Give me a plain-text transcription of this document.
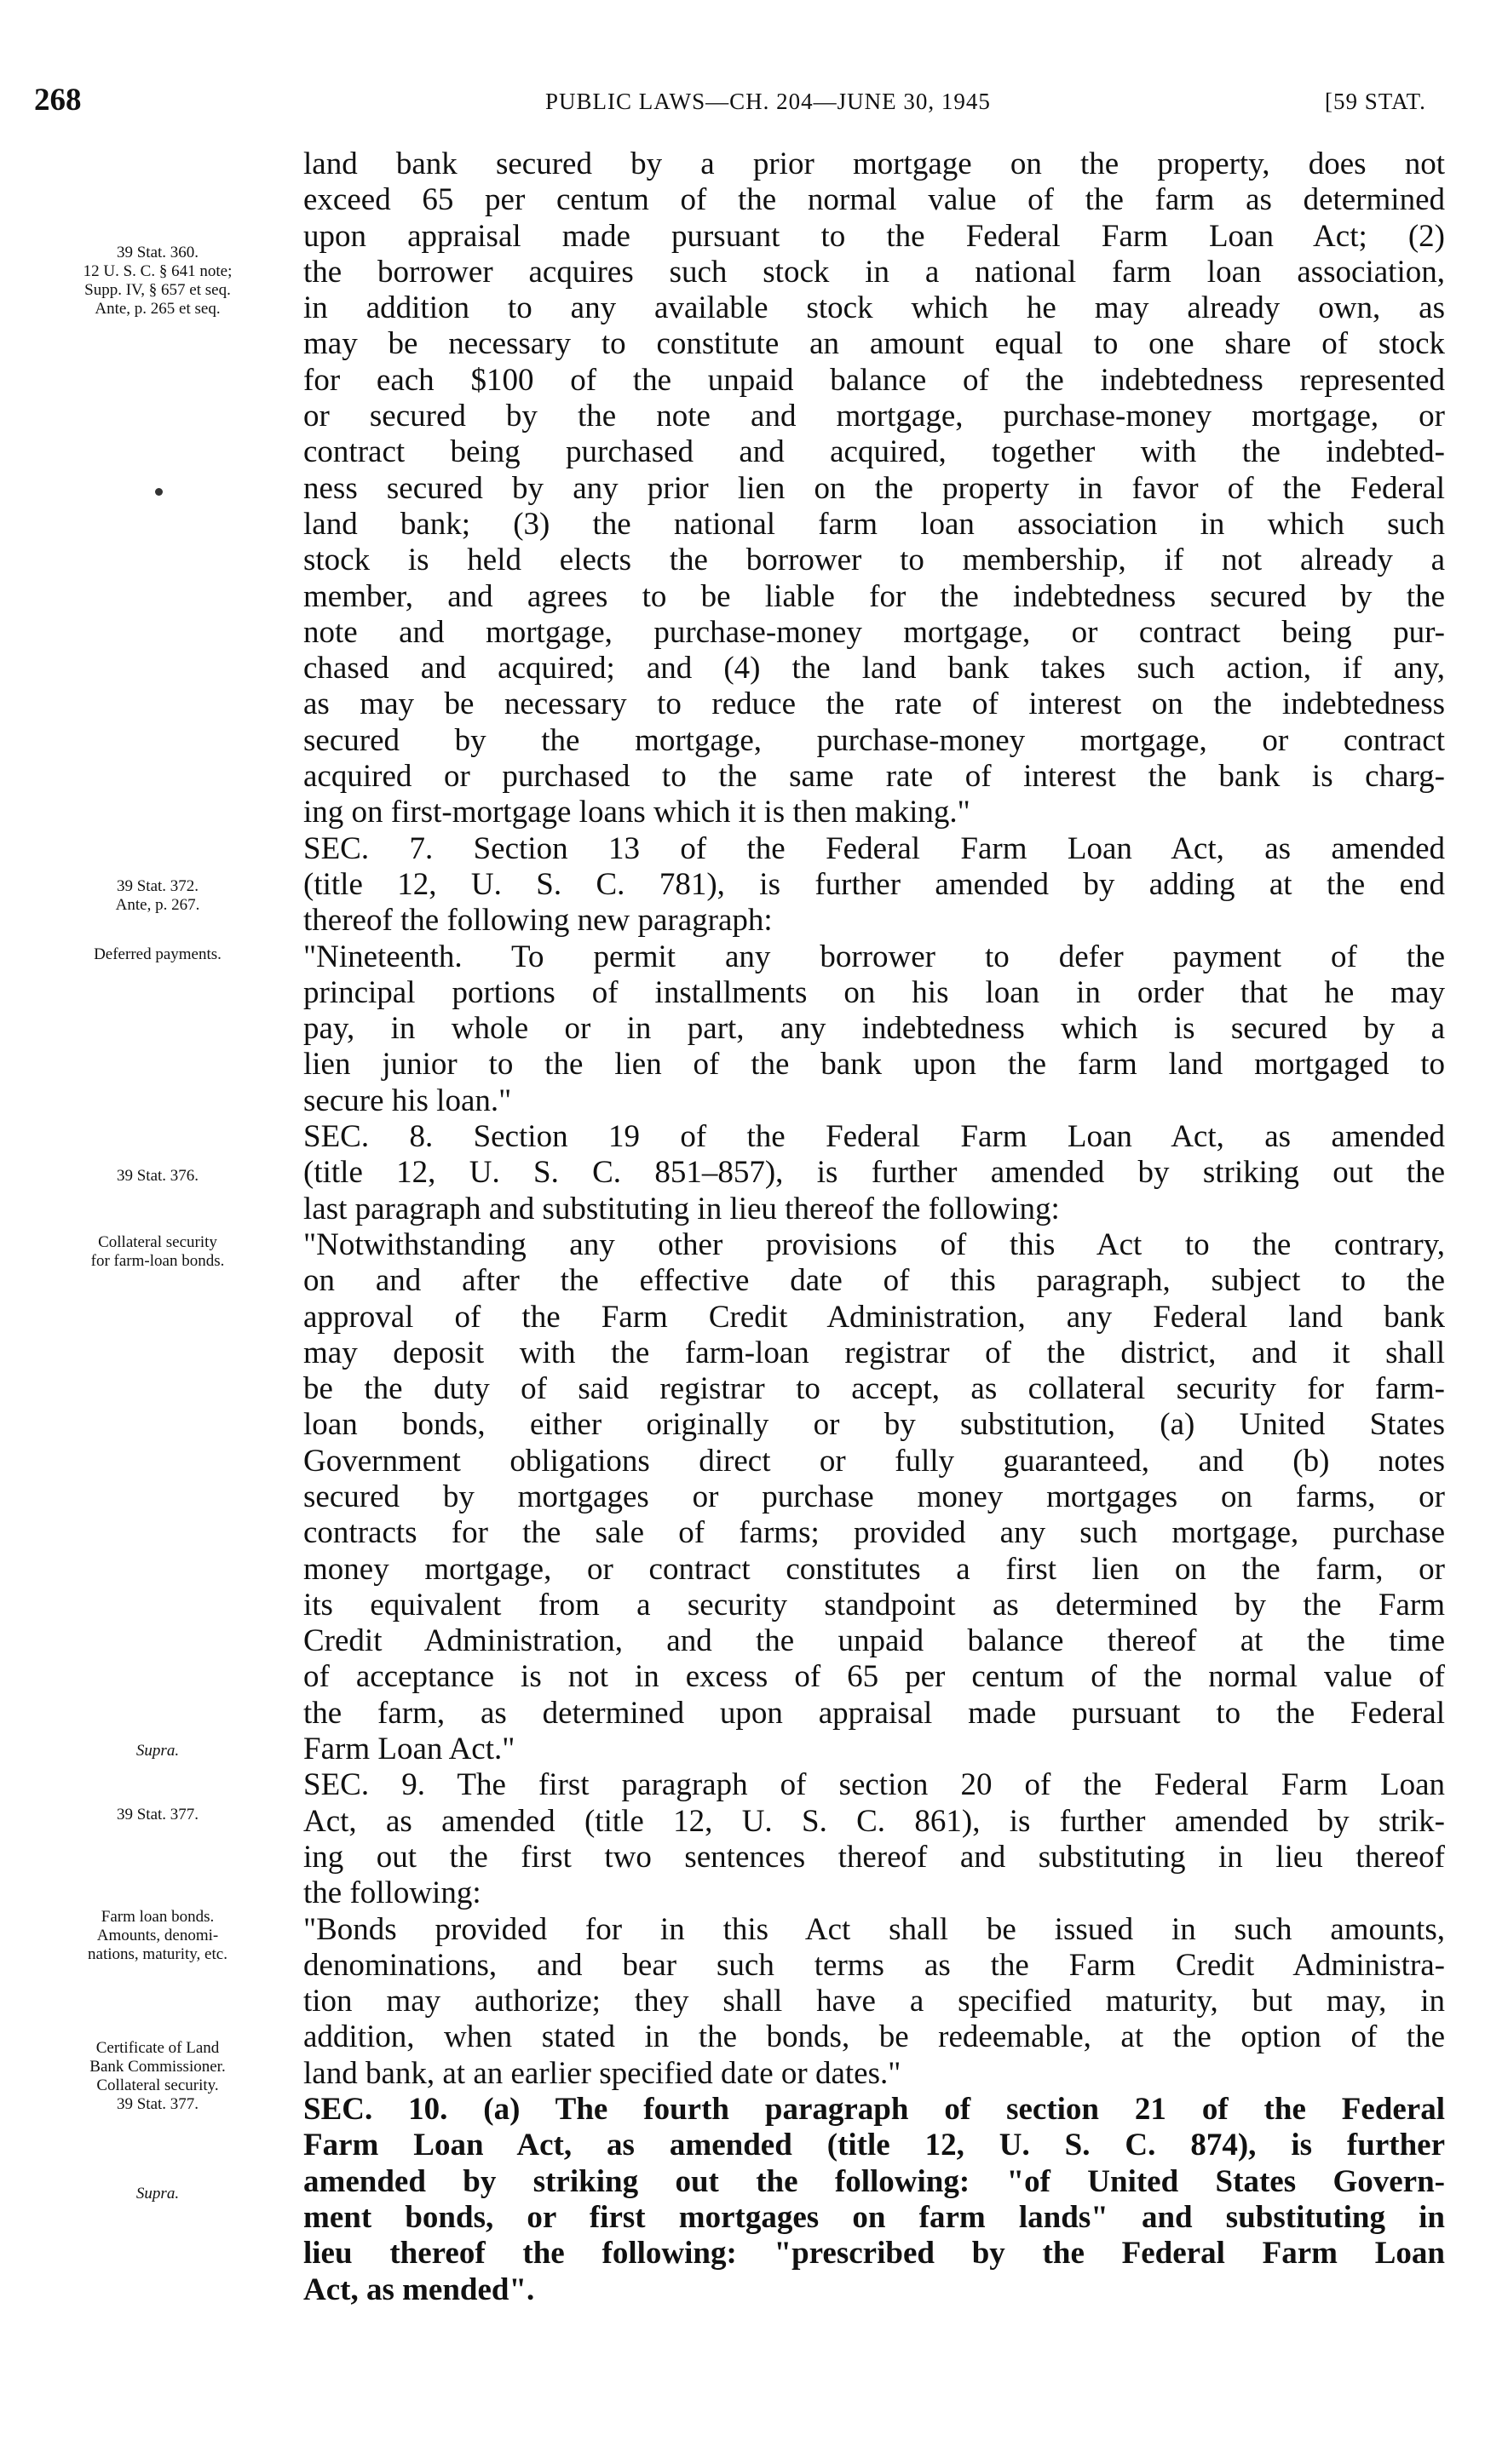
268	PUBLIC LAWS—CH. 204—JUNE 30, 1945	[59 STAT.
39 Stat. 360.
12 U. S. C. § 641 note;
Supp. IV, § 657 et seq.
Ante, p. 265 et seq.
39 Stat. 372.
Ante, p. 267.
Deferred payments.
39 Stat. 376.
Collateral security
for farm-loan bonds.
Supra.
39 Stat. 377.
Farm loan bonds.
Amounts, denomi-
nations, maturity, etc.
Certificate of Land
Bank Commissioner.
Collateral security.
39 Stat. 377.
Supra.
land bank secured by a prior mortgage on the property, does not
exceed 65 per centum of the normal value of the farm as determined
upon appraisal made pursuant to the Federal Farm Loan Act; (2)
the borrower acquires such stock in a national farm loan association,
in addition to any available stock which he may already own, as
may be necessary to constitute an amount equal to one share of stock
for each $100 of the unpaid balance of the indebtedness represented
or secured by the note and mortgage, purchase-money mortgage, or
contract being purchased and acquired, together with the indebted-
ness secured by any prior lien on the property in favor of the Federal
land bank; (3) the national farm loan association in which such
stock is held elects the borrower to membership, if not already a
member, and agrees to be liable for the indebtedness secured by the
note and mortgage, purchase-money mortgage, or contract being pur-
chased and acquired; and (4) the land bank takes such action, if any,
as may be necessary to reduce the rate of interest on the indebtedness
secured by the mortgage, purchase-money mortgage, or contract
acquired or purchased to the same rate of interest the bank is charg-
ing on first-mortgage loans which it is then making."
SEC. 7. Section 13 of the Federal Farm Loan Act, as amended
(title 12, U. S. C. 781), is further amended by adding at the end
thereof the following new paragraph:
"Nineteenth. To permit any borrower to defer payment of the
principal portions of installments on his loan in order that he may
pay, in whole or in part, any indebtedness which is secured by a
lien junior to the lien of the bank upon the farm land mortgaged to
secure his loan."
SEC. 8. Section 19 of the Federal Farm Loan Act, as amended
(title 12, U. S. C. 851–857), is further amended by striking out the
last paragraph and substituting in lieu thereof the following:
"Notwithstanding any other provisions of this Act to the contrary,
on and after the effective date of this paragraph, subject to the
approval of the Farm Credit Administration, any Federal land bank
may deposit with the farm-loan registrar of the district, and it shall
be the duty of said registrar to accept, as collateral security for farm-
loan bonds, either originally or by substitution, (a) United States
Government obligations direct or fully guaranteed, and (b) notes
secured by mortgages or purchase money mortgages on farms, or
contracts for the sale of farms; provided any such mortgage, purchase
money mortgage, or contract constitutes a first lien on the farm, or
its equivalent from a security standpoint as determined by the Farm
Credit Administration, and the unpaid balance thereof at the time
of acceptance is not in excess of 65 per centum of the normal value of
the farm, as determined upon appraisal made pursuant to the Federal
Farm Loan Act."
SEC. 9. The first paragraph of section 20 of the Federal Farm Loan
Act, as amended (title 12, U. S. C. 861), is further amended by strik-
ing out the first two sentences thereof and substituting in lieu thereof
the following:
"Bonds provided for in this Act shall be issued in such amounts,
denominations, and bear such terms as the Farm Credit Administra-
tion may authorize; they shall have a specified maturity, but may, in
addition, when stated in the bonds, be redeemable, at the option of the
land bank, at an earlier specified date or dates."
SEC. 10. (a) The fourth paragraph of section 21 of the Federal
Farm Loan Act, as amended (title 12, U. S. C. 874), is further
amended by striking out the following: "of United States Govern-
ment bonds, or first mortgages on farm lands" and substituting in
lieu thereof the following: "prescribed by the Federal Farm Loan
Act, as mended".
